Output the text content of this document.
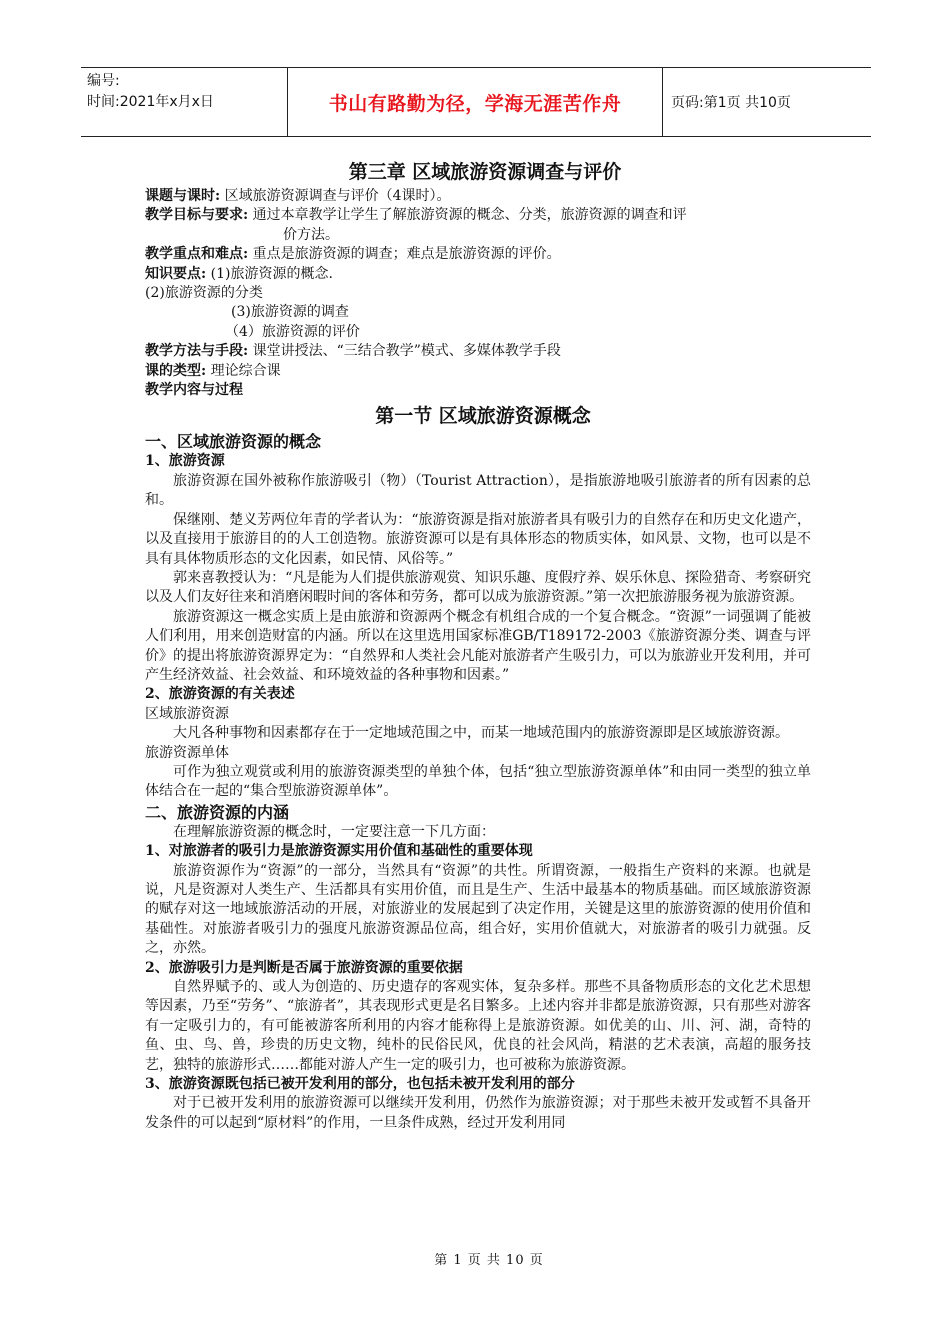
编号:
时间:2021年x月x日	书山有路勤为径，学海无涯苦作舟	页码:第1页 共10页
第三章 区域旅游资源调查与评价
课题与课时: 区域旅游资源调查与评价（4课时）。
教学目标与要求: 通过本章教学让学生了解旅游资源的概念、分类，旅游资源的调查和评
价方法。
教学重点和难点: 重点是旅游资源的调查；难点是旅游资源的评价。
知识要点: (1)旅游资源的概念.
(2)旅游资源的分类
(3)旅游资源的调查
（4）旅游资源的评价
教学方法与手段: 课堂讲授法、“三结合教学”模式、多媒体教学手段
课的类型: 理论综合课
教学内容与过程
第一节 区域旅游资源概念
一、区域旅游资源的概念
1、旅游资源
旅游资源在国外被称作旅游吸引（物）（Tourist Attraction），是指旅游地吸引旅游者的所有因素的总和。
保继刚、楚义芳两位年青的学者认为：“旅游资源是指对旅游者具有吸引力的自然存在和历史文化遗产，以及直接用于旅游目的的人工创造物。旅游资源可以是有具体形态的物质实体，如风景、文物，也可以是不具有具体物质形态的文化因素，如民情、风俗等。”
郭来喜教授认为：“凡是能为人们提供旅游观赏、知识乐趣、度假疗养、娱乐休息、探险猎奇、考察研究以及人们友好往来和消磨闲暇时间的客体和劳务，都可以成为旅游资源。”第一次把旅游服务视为旅游资源。
旅游资源这一概念实质上是由旅游和资源两个概念有机组合成的一个复合概念。“资源”一词强调了能被人们利用，用来创造财富的内涵。所以在这里选用国家标准GB/T189172-2003《旅游资源分类、调查与评价》的提出将旅游资源界定为：“自然界和人类社会凡能对旅游者产生吸引力，可以为旅游业开发利用，并可产生经济效益、社会效益、和环境效益的各种事物和因素。”
2、旅游资源的有关表述
区域旅游资源
大凡各种事物和因素都存在于一定地域范围之中，而某一地域范围内的旅游资源即是区域旅游资源。
旅游资源单体
可作为独立观赏或利用的旅游资源类型的单独个体，包括“独立型旅游资源单体”和由同一类型的独立单体结合在一起的“集合型旅游资源单体”。
二、旅游资源的内涵
在理解旅游资源的概念时，一定要注意一下几方面：
1、对旅游者的吸引力是旅游资源实用价值和基础性的重要体现
旅游资源作为“资源”的一部分，当然具有“资源”的共性。所谓资源，一般指生产资料的来源。也就是说，凡是资源对人类生产、生活都具有实用价值，而且是生产、生活中最基本的物质基础。而区域旅游资源的赋存对这一地域旅游活动的开展，对旅游业的发展起到了决定作用，关键是这里的旅游资源的使用价值和基础性。对旅游者吸引力的强度凡旅游资源品位高，组合好，实用价值就大，对旅游者的吸引力就强。反之，亦然。
2、旅游吸引力是判断是否属于旅游资源的重要依据
自然界赋予的、或人为创造的、历史遗存的客观实体，复杂多样。那些不具备物质形态的文化艺术思想等因素，乃至“劳务”、“旅游者”，其表现形式更是名目繁多。上述内容并非都是旅游资源，只有那些对游客有一定吸引力的，有可能被游客所利用的内容才能称得上是旅游资源。如优美的山、川、河、湖，奇特的鱼、虫、鸟、兽，珍贵的历史文物，纯朴的民俗民风，优良的社会风尚，精湛的艺术表演，高超的服务技艺，独特的旅游形式……都能对游人产生一定的吸引力，也可被称为旅游资源。
3、旅游资源既包括已被开发利用的部分，也包括未被开发利用的部分
对于已被开发利用的旅游资源可以继续开发利用，仍然作为旅游资源；对于那些未被开发或暂不具备开发条件的可以起到“原材料”的作用，一旦条件成熟，经过开发利用同
第 1 页 共 10 页
